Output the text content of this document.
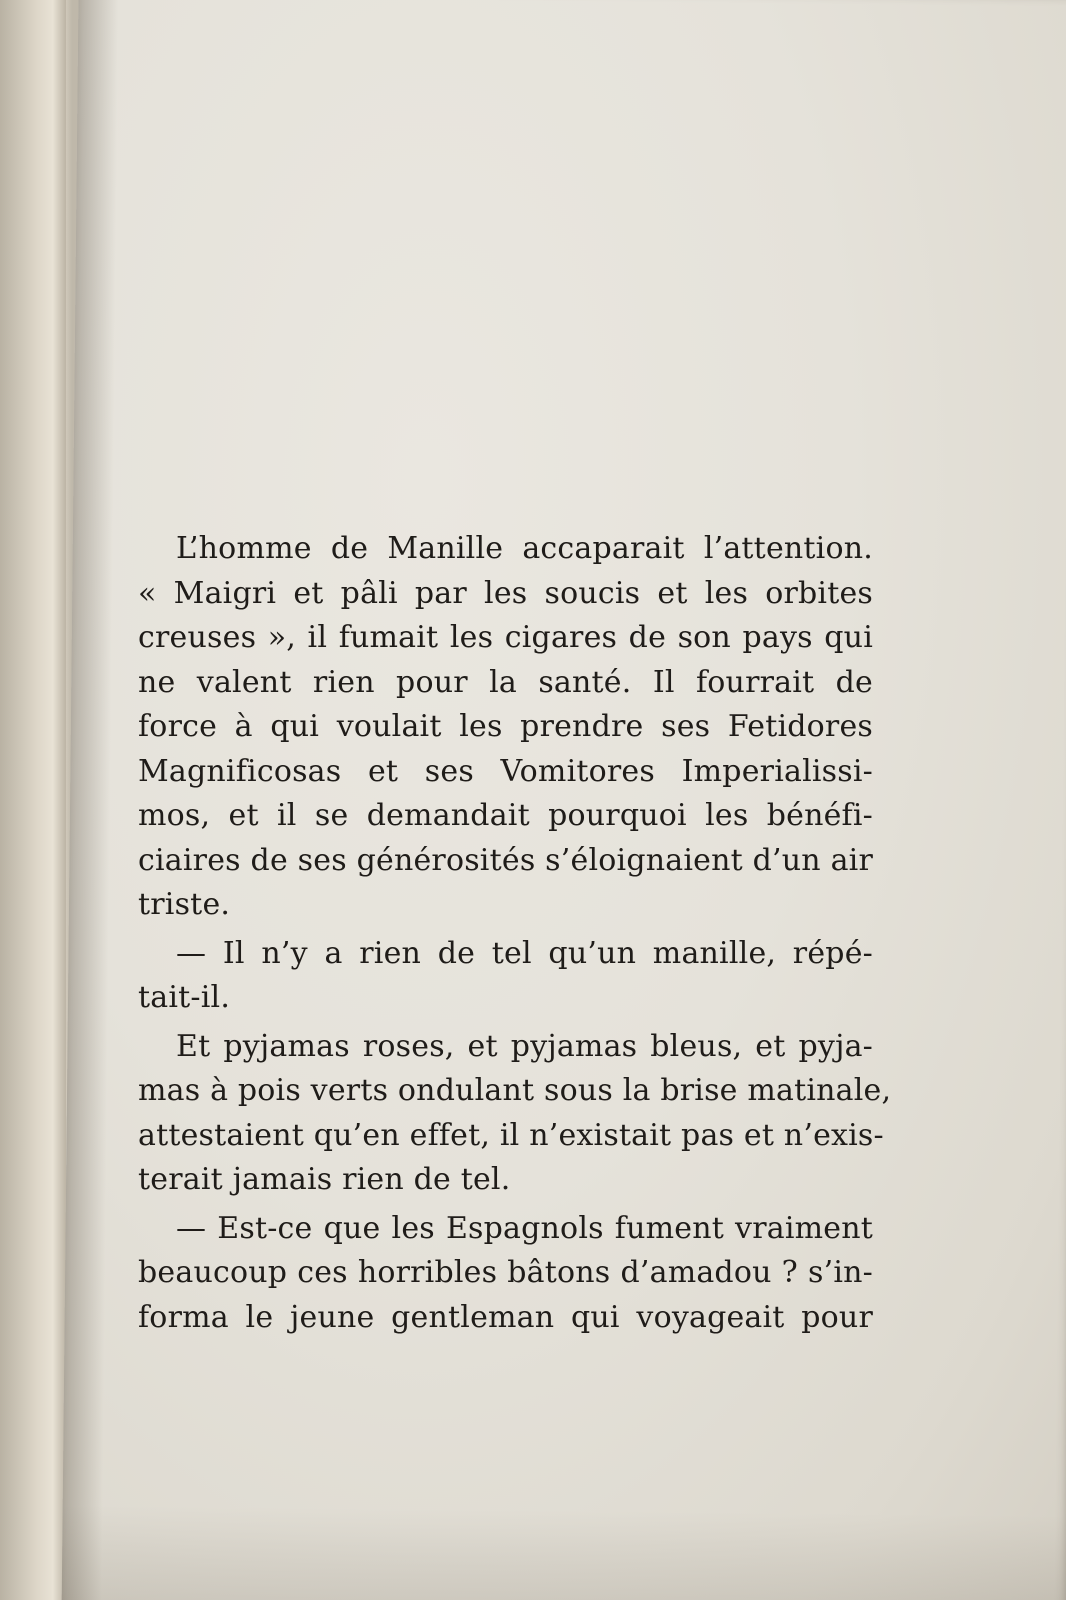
L’homme de Manille accaparait l’attention.
« Maigri et pâli par les soucis et les orbites
creuses », il fumait les cigares de son pays qui
ne valent rien pour la santé. Il fourrait de
force à qui voulait les prendre ses Fetidores
Magnificosas et ses Vomitores Imperialissi-
mos, et il se demandait pourquoi les bénéfi-
ciaires de ses générosités s’éloignaient d’un air
triste.

— Il n’y a rien de tel qu’un manille, répé-
tait-il.

Et pyjamas roses, et pyjamas bleus, et pyja-
mas à pois verts ondulant sous la brise matinale,
attestaient qu’en effet, il n’existait pas et n’exis-
terait jamais rien de tel.

— Est-ce que les Espagnols fument vraiment
beaucoup ces horribles bâtons d’amadou ? s’in-
forma le jeune gentleman qui voyageait pour
